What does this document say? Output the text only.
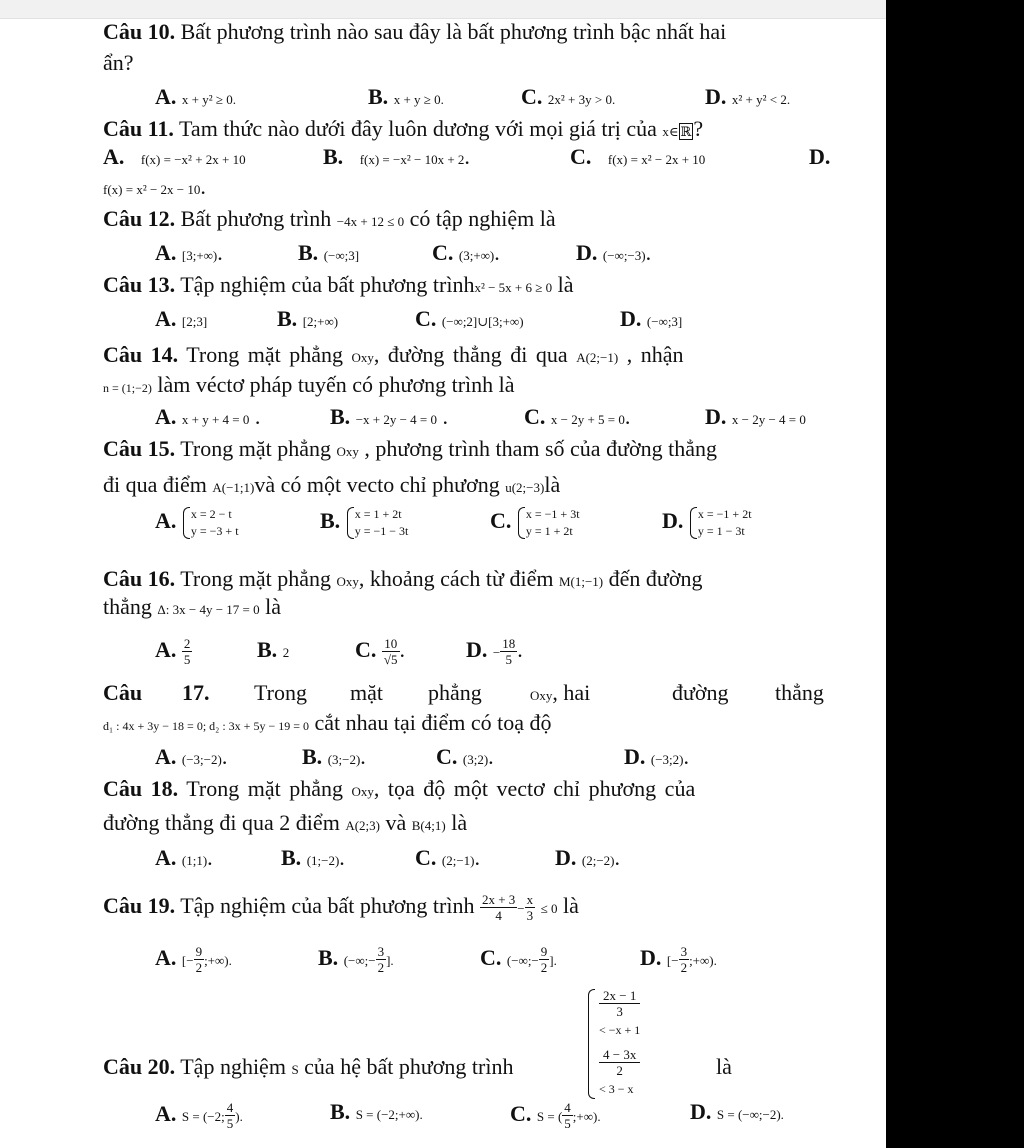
Câu 10. Bất phương trình nào sau đây là bất phương trình bậc nhất hai
ẩn?
A. x + y² ≥ 0.	B. x + y ≥ 0.	C. 2x² + 3y > 0.	D. x² + y² < 2.
Câu 11. Tam thức nào dưới đây luôn dương với mọi giá trị của x∈ ℝ?
A. f(x) = −x² + 2x + 10	B. f(x) = −x² − 10x + 2.	C. f(x) = x² − 2x + 10	D.
f(x) = x² − 2x − 10.
Câu 12. Bất phương trình −4x + 12 ≤ 0 có tập nghiệm là
A. [3;+∞).	B. (−∞;3]	C. (3;+∞).	D. (−∞;−3).
Câu 13. Tập nghiệm của bất phương trìnhx² − 5x + 6 ≥ 0 là
A. [2;3]	B. [2;+∞)	C. (−∞;2]∪[3;+∞)	D. (−∞;3]
Câu 14. Trong mặt phẳng Oxy, đường thẳng đi qua A(2;−1) , nhận
n = (1;−2) làm véctơ pháp tuyến có phương trình là
A. x + y + 4 = 0 .	B. −x + 2y − 4 = 0 .	C. x − 2y + 5 = 0.	D. x − 2y − 4 = 0
Câu 15. Trong mặt phẳng Oxy , phương trình tham số của đường thẳng
đi qua điểm A(−1;1)và có một vecto chỉ phương u(2;−3)là
A. x = 2 − t
y = −3 + t	B. x = 1 + 2t
y = −1 − 3t	C. x = −1 + 3t
y = 1 + 2t	D. x = −1 + 2t
y = 1 − 3t
Câu 16. Trong mặt phẳng Oxy, khoảng cách từ điểm M(1;−1) đến đường
thẳng Δ: 3x − 4y − 17 = 0 là
A. $\frac{2}{5}$	B. 2	C. $\frac{10}{√5}$ .	D. − $\frac{18}{5}$ .
Câu 17. Trong mặt phẳng	Oxy, hai	đường thẳng
d₁ : 4x + 3y − 18 = 0; d₂ : 3x + 5y − 19 = 0 cắt nhau tại điểm có toạ độ
A. (−3;−2).	B. (3;−2).	C. (3;2).	D. (−3;2).
Câu 18. Trong mặt phẳng Oxy, tọa độ một vectơ chỉ phương của
đường thẳng đi qua 2 điểm A(2;3) và B(4;1) là
A. (1;1).	B. (1;−2).	C. (2;−1).	D. (2;−2).
Câu 19. Tập nghiệm của bất phương trình $\frac{2x + 3}{4} - \frac{x}{3} \le 0$ là
A. [− $\frac{9}{2}$ ;+∞).	B. (−∞;− $\frac{3}{2}$ ].	C. (−∞;− $\frac{9}{2}$ ].	D. [− $\frac{3}{2}$ ;+∞).
Câu 20. Tập nghiệm S của hệ bất phương trình
2x − 1
3
< −x + 1
4 − 3x
2
< 3 − x
là
A. S = (−2; $\frac{4}{5}$ ).	B. S = (−2;+∞).	C. S = ( $\frac{4}{5}$ ;+∞).	D. S = (−∞;−2).
